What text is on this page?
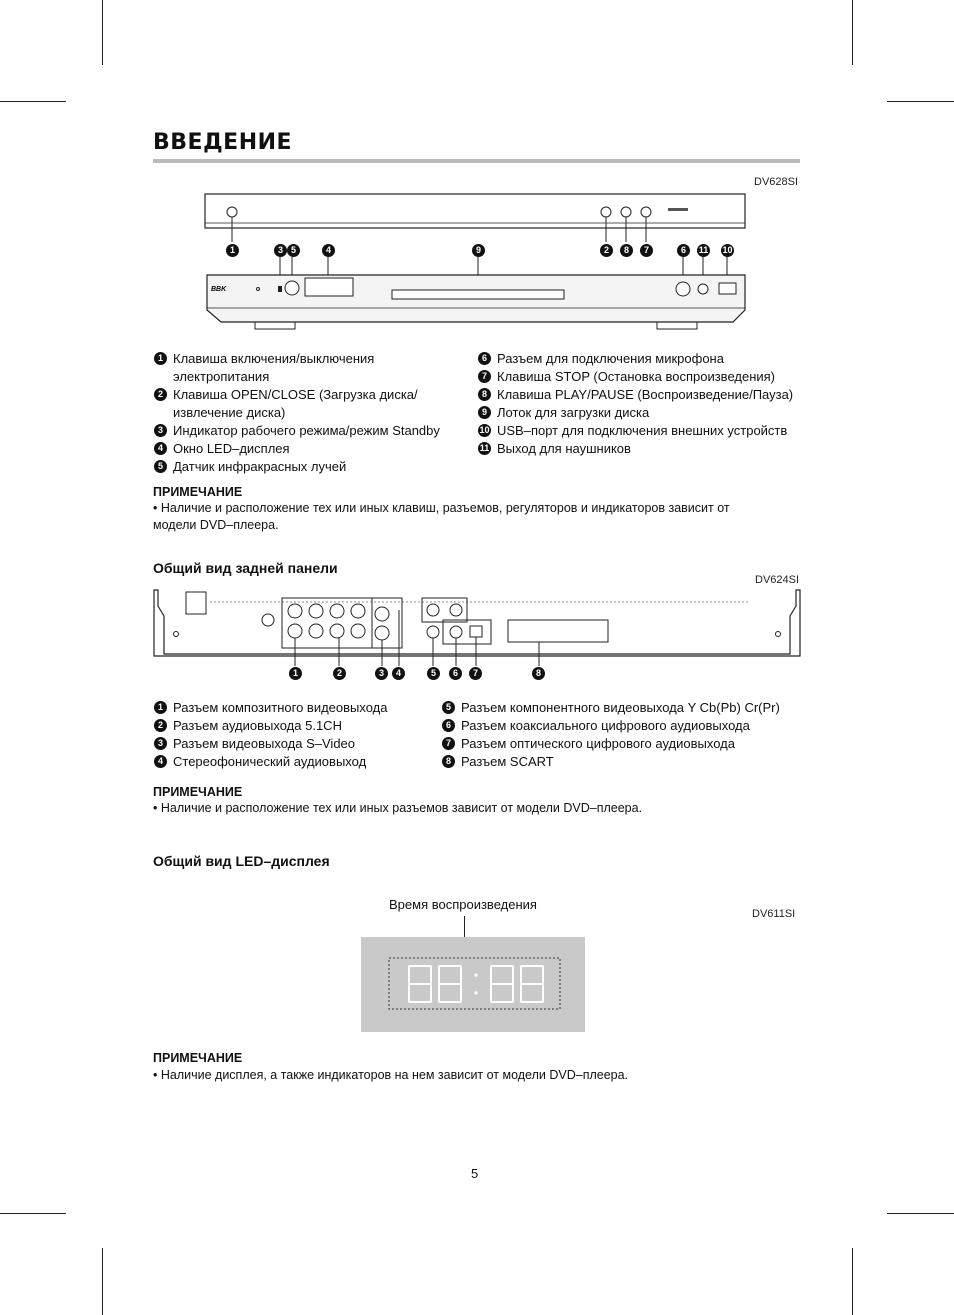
ВВЕДЕНИЕ
DV628SI
BBK
1	3 5	4	9	2	8	7	6	11 10
1 Клавиша включения/выключения электропитания
2 Клавиша OPEN/CLOSE (Загрузка диска/ извлечение диска)
3 Индикатор рабочего режима/режим Standby
4 Окно LED–дисплея
5 Датчик инфракрасных лучей
6 Разъем для подключения микрофона
7 Клавиша STOP (Остановка воспроизведения)
8 Клавиша PLAY/PAUSE (Воспроизведение/Пауза)
9 Лоток для загрузки диска
10 USB–порт для подключения внешних устройств
11 Выход для наушников
ПРИМЕЧАНИЕ
• Наличие и расположение тех или иных клавиш, разъемов, регуляторов и индикаторов зависит от модели DVD–плеера.
Общий вид задней панели
DV624SI
1	2	3	4	5	6	7	8
1 Разъем композитного видеовыхода
2 Разъем аудиовыхода 5.1CH
3 Разъем видеовыхода S–Video
4 Стереофонический аудиовыход
5 Разъем компонентного видеовыхода Y Cb(Pb) Cr(Pr)
6 Разъем коаксиального цифрового аудиовыхода
7 Разъем оптического цифрового аудиовыхода
8 Разъем SCART
ПРИМЕЧАНИЕ
• Наличие и расположение тех или иных разъемов зависит от модели DVD–плеера.
Общий вид LED–дисплея
Время воспроизведения
DV611SI
ПРИМЕЧАНИЕ
• Наличие дисплея, а также индикаторов на нем зависит от модели DVD–плеера.
5
